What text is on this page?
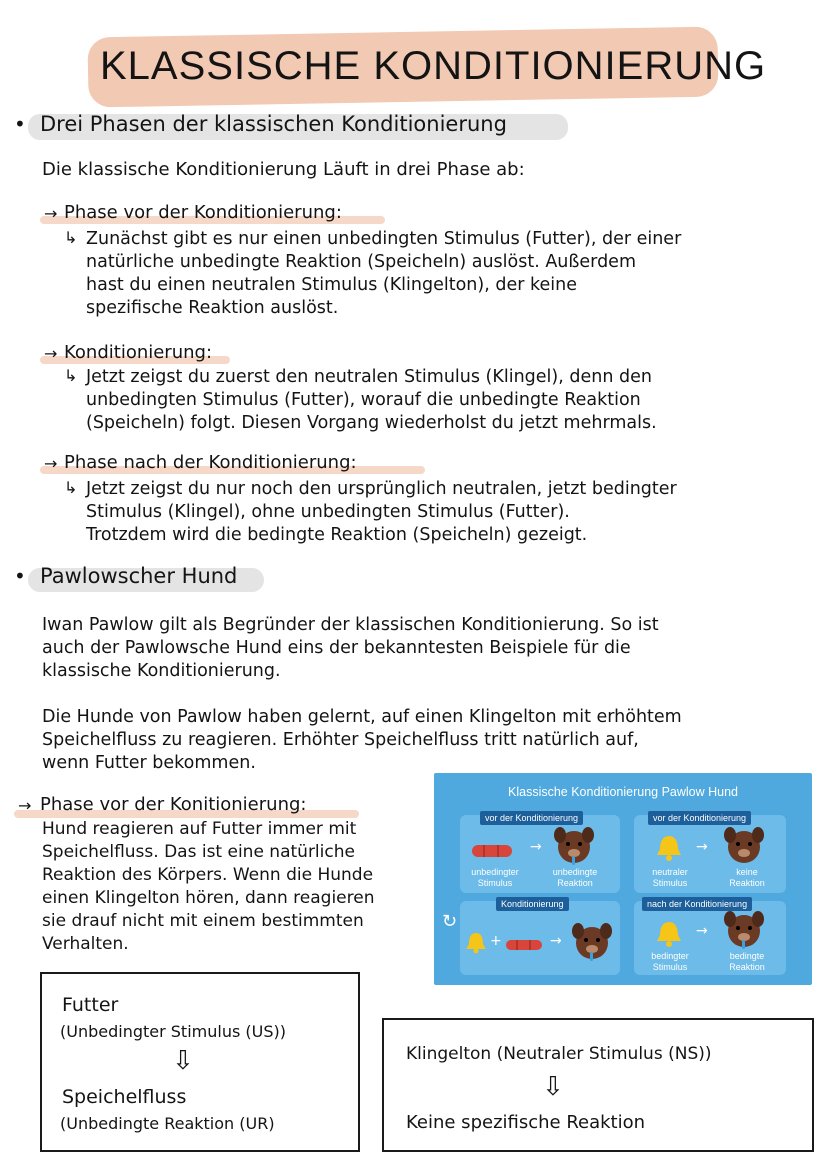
KLASSISCHE KONDITIONIERUNG
• Drei Phasen der klassischen Konditionierung
Die klassische Konditionierung Läuft in drei Phase ab:
→ Phase vor der Konditionierung:
↳ Zunächst gibt es nur einen unbedingten Stimulus (Futter), der einer
natürliche unbedingte Reaktion (Speicheln) auslöst. Außerdem
hast du einen neutralen Stimulus (Klingelton), der keine
spezifische Reaktion auslöst.
→ Konditionierung:
↳ Jetzt zeigst du zuerst den neutralen Stimulus (Klingel), denn den
unbedingten Stimulus (Futter), worauf die unbedingte Reaktion
(Speicheln) folgt. Diesen Vorgang wiederholst du jetzt mehrmals.
→ Phase nach der Konditionierung:
↳ Jetzt zeigst du nur noch den ursprünglich neutralen, jetzt bedingter
Stimulus (Klingel), ohne unbedingten Stimulus (Futter).
Trotzdem wird die bedingte Reaktion (Speicheln) gezeigt.
• Pawlowscher Hund
Iwan Pawlow gilt als Begründer der klassischen Konditionierung. So ist
auch der Pawlowsche Hund eins der bekanntesten Beispiele für die
klassische Konditionierung.
Die Hunde von Pawlow haben gelernt, auf einen Klingelton mit erhöhtem
Speichelfluss zu reagieren. Erhöhter Speichelfluss tritt natürlich auf,
wenn Futter bekommen.
→ Phase vor der Konitionierung:
Hund reagieren auf Futter immer mit
Speichelfluss. Das ist eine natürliche
Reaktion des Körpers. Wenn die Hunde
einen Klingelton hören, dann reagieren
sie drauf nicht mit einem bestimmten
Verhalten.
Klassische Konditionierung Pawlow Hund
vor der Konditionierung
→
unbedingter
Stimulus
unbedingte
Reaktion
vor der Konditionierung
→
neutraler
Stimulus
keine
Reaktion
Konditionierung
↻
+	→
nach der Konditionierung
→
bedingter
Stimulus
bedingte
Reaktion
Futter
(Unbedingter Stimulus (US))
⇩
Speichelfluss
(Unbedingte Reaktion (UR)
Klingelton (Neutraler Stimulus (NS))
⇩
Keine spezifische Reaktion
